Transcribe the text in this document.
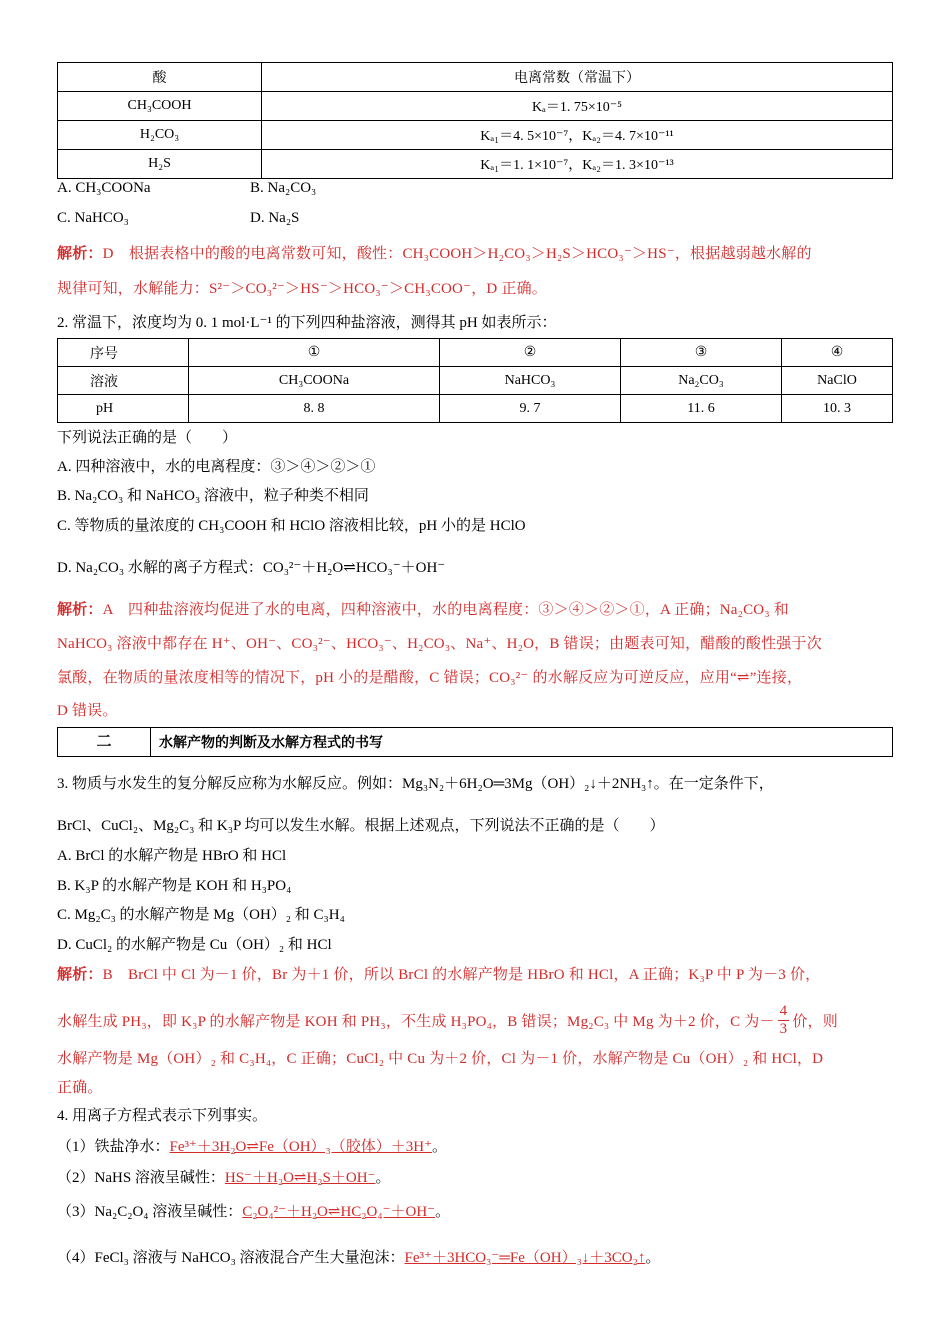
酸	电离常数（常温下）
CH₃COOH	Kₐ＝1. 75×10⁻⁵
H₂CO₃	Kₐ₁＝4. 5×10⁻⁷，Kₐ₂＝4. 7×10⁻¹¹
H₂S	Kₐ₁＝1. 1×10⁻⁷，Kₐ₂＝1. 3×10⁻¹³
A. CH₃COONa	B. Na₂CO₃
C. NaHCO₃	D. Na₂S
解析：D　根据表格中的酸的电离常数可知，酸性：CH₃COOH＞H₂CO₃＞H₂S＞HCO₃⁻＞HS⁻，根据越弱越水解的
规律可知，水解能力：S²⁻＞CO₃²⁻＞HS⁻＞HCO₃⁻＞CH₃COO⁻，D 正确。
2. 常温下，浓度均为 0. 1 mol·L⁻¹ 的下列四种盐溶液，测得其 pH 如表所示：
序号	①	②	③	④
溶液	CH₃COONa	NaHCO₃	Na₂CO₃	NaClO
pH	8. 8	9. 7	11. 6	10. 3
下列说法正确的是（　　）
A. 四种溶液中，水的电离程度：③＞④＞②＞①
B. Na₂CO₃ 和 NaHCO₃ 溶液中，粒子种类不相同
C. 等物质的量浓度的 CH₃COOH 和 HClO 溶液相比较，pH 小的是 HClO
D. Na₂CO₃ 水解的离子方程式：CO₃²⁻＋H₂O⇌HCO₃⁻＋OH⁻
解析：A　四种盐溶液均促进了水的电离，四种溶液中，水的电离程度：③＞④＞②＞①，A 正确；Na₂CO₃ 和
NaHCO₃ 溶液中都存在 H⁺、OH⁻、CO₃²⁻、HCO₃⁻、H₂CO₃、Na⁺、H₂O，B 错误；由题表可知，醋酸的酸性强于次
氯酸，在物质的量浓度相等的情况下，pH 小的是醋酸，C 错误；CO₃²⁻ 的水解反应为可逆反应，应用“⇌”连接，
D 错误。
二	水解产物的判断及水解方程式的书写
3. 物质与水发生的复分解反应称为水解反应。例如：Mg₃N₂＋6H₂O═3Mg（OH）₂↓＋2NH₃↑。在一定条件下，
BrCl、CuCl₂、Mg₂C₃ 和 K₃P 均可以发生水解。根据上述观点，下列说法不正确的是（　　）
A. BrCl 的水解产物是 HBrO 和 HCl
B. K₃P 的水解产物是 KOH 和 H₃PO₄
C. Mg₂C₃ 的水解产物是 Mg（OH）₂ 和 C₃H₄
D. CuCl₂ 的水解产物是 Cu（OH）₂ 和 HCl
解析：B　BrCl 中 Cl 为－1 价，Br 为＋1 价，所以 BrCl 的水解产物是 HBrO 和 HCl，A 正确；K₃P 中 P 为－3 价，
水解生成 PH₃，即 K₃P 的水解产物是 KOH 和 PH₃，不生成 H₃PO₄，B 错误；Mg₂C₃ 中 Mg 为＋2 价，C 为－ $\frac{4}{3}$ 价，则
水解产物是 Mg（OH）₂ 和 C₃H₄，C 正确；CuCl₂ 中 Cu 为＋2 价，Cl 为－1 价，水解产物是 Cu（OH）₂ 和 HCl，D
正确。
4. 用离子方程式表示下列事实。
（1）铁盐净水：Fe³⁺＋3H₂O⇌Fe（OH）₃（胶体）＋3H⁺。
（2）NaHS 溶液呈碱性：HS⁻＋H₂O⇌H₂S＋OH⁻。
（3）Na₂C₂O₄ 溶液呈碱性：C₂O₄²⁻＋H₂O⇌HC₂O₄⁻＋OH⁻。
（4）FeCl₃ 溶液与 NaHCO₃ 溶液混合产生大量泡沫：Fe³⁺＋3HCO₃⁻═Fe（OH）₃↓＋3CO₂↑。
